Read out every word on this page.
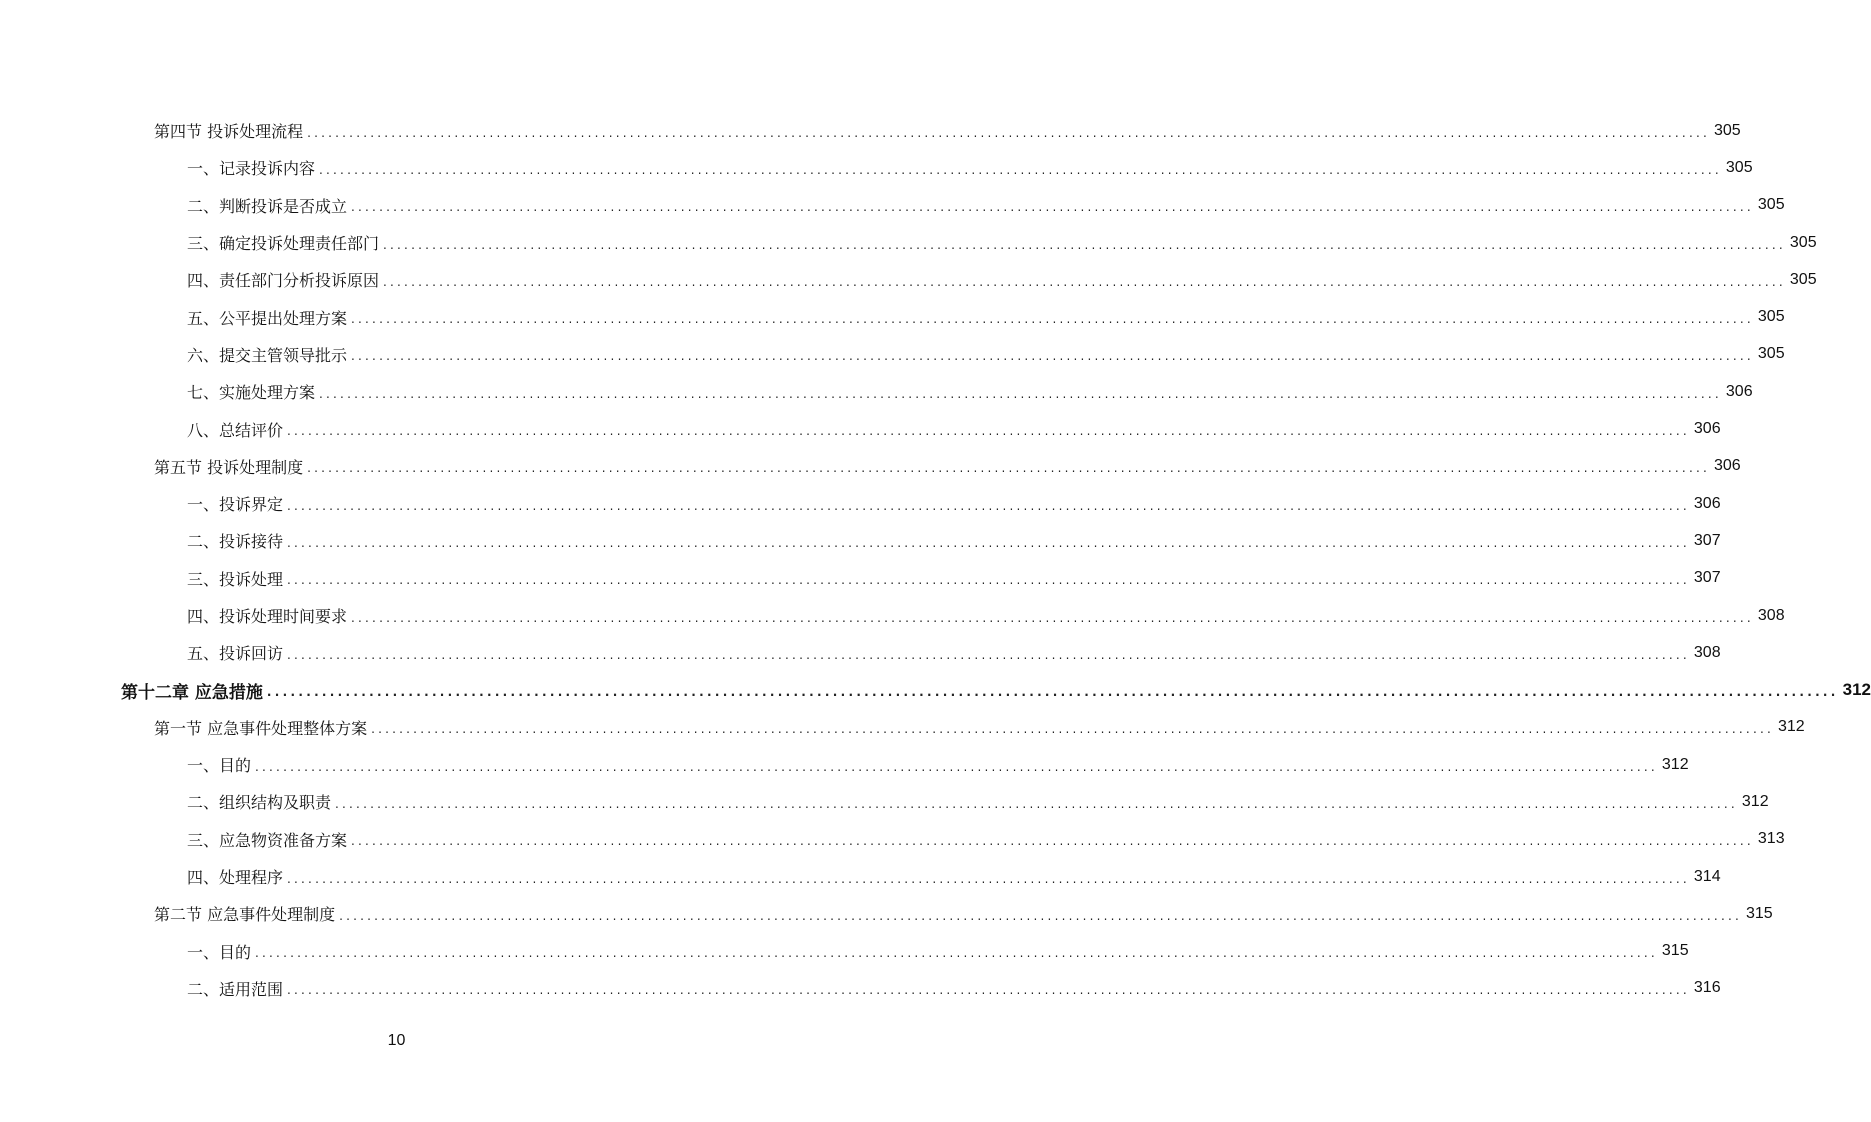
第四节 投诉处理流程 ........................................................................................................................................................................................................ 305
一、记录投诉内容 ........................................................................................................................................................................................................ 305
二、判断投诉是否成立 ........................................................................................................................................................................................................ 305
三、确定投诉处理责任部门 ........................................................................................................................................................................................................ 305
四、责任部门分析投诉原因 ........................................................................................................................................................................................................ 305
五、公平提出处理方案 ........................................................................................................................................................................................................ 305
六、提交主管领导批示 ........................................................................................................................................................................................................ 305
七、实施处理方案 ........................................................................................................................................................................................................ 306
八、总结评价 ........................................................................................................................................................................................................ 306
第五节 投诉处理制度 ........................................................................................................................................................................................................ 306
一、投诉界定 ........................................................................................................................................................................................................ 306
二、投诉接待 ........................................................................................................................................................................................................ 307
三、投诉处理 ........................................................................................................................................................................................................ 307
四、投诉处理时间要求 ........................................................................................................................................................................................................ 308
五、投诉回访 ........................................................................................................................................................................................................ 308
第十二章 应急措施 ........................................................................................................................................................................................................ 312
第一节 应急事件处理整体方案 ........................................................................................................................................................................................................ 312
一、目的 ........................................................................................................................................................................................................ 312
二、组织结构及职责 ........................................................................................................................................................................................................ 312
三、应急物资准备方案 ........................................................................................................................................................................................................ 313
四、处理程序 ........................................................................................................................................................................................................ 314
第二节 应急事件处理制度 ........................................................................................................................................................................................................ 315
一、目的 ........................................................................................................................................................................................................ 315
二、适用范围 ........................................................................................................................................................................................................ 316
10
